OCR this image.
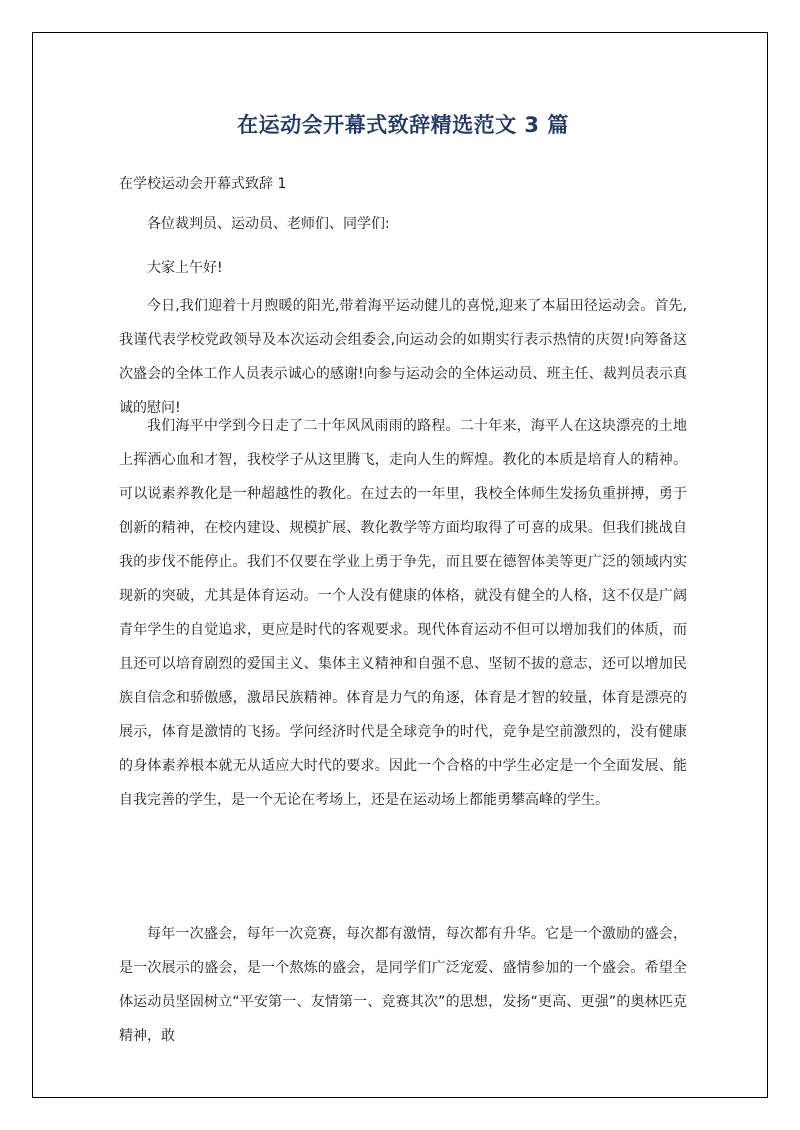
在运动会开幕式致辞精选范文 3 篇
在学校运动会开幕式致辞 1

各位裁判员、运动员、老师们、同学们:

大家上午好!

今日,我们迎着十月煦暖的阳光,带着海平运动健儿的喜悦,迎来了本届田径运动会。首先,我谨代表学校党政领导及本次运动会组委会,向运动会的如期实行表示热情的庆贺!向筹备这次盛会的全体工作人员表示诚心的感谢!向参与运动会的全体运动员、班主任、裁判员表示真诚的慰问!

我们海平中学到今日走了二十年风风雨雨的路程。二十年来，海平人在这块漂亮的土地上挥洒心血和才智，我校学子从这里腾飞，走向人生的辉煌。教化的本质是培育人的精神。可以说素养教化是一种超越性的教化。在过去的一年里，我校全体师生发扬负重拼搏，勇于创新的精神，在校内建设、规模扩展、教化教学等方面均取得了可喜的成果。但我们挑战自我的步伐不能停止。我们不仅要在学业上勇于争先，而且要在德智体美等更广泛的领域内实现新的突破，尤其是体育运动。一个人没有健康的体格，就没有健全的人格，这不仅是广阔青年学生的自觉追求，更应是时代的客观要求。现代体育运动不但可以增加我们的体质，而且还可以培育剧烈的爱国主义、集体主义精神和自强不息、坚韧不拔的意志，还可以增加民族自信念和骄傲感，激昂民族精神。体育是力气的角逐，体育是才智的较量，体育是漂亮的展示，体育是激情的飞扬。学问经济时代是全球竞争的时代，竞争是空前激烈的，没有健康的身体素养根本就无从适应大时代的要求。因此一个合格的中学生必定是一个全面发展、能自我完善的学生，是一个无论在考场上，还是在运动场上都能勇攀高峰的学生。

每年一次盛会，每年一次竞赛，每次都有激情，每次都有升华。它是一个激励的盛会，是一次展示的盛会，是一个熬炼的盛会，是同学们广泛宠爱、盛情参加的一个盛会。希望全体运动员坚固树立“平安第一、友情第一、竞赛其次”的思想，发扬“更高、更强”的奥林匹克精神，敢
